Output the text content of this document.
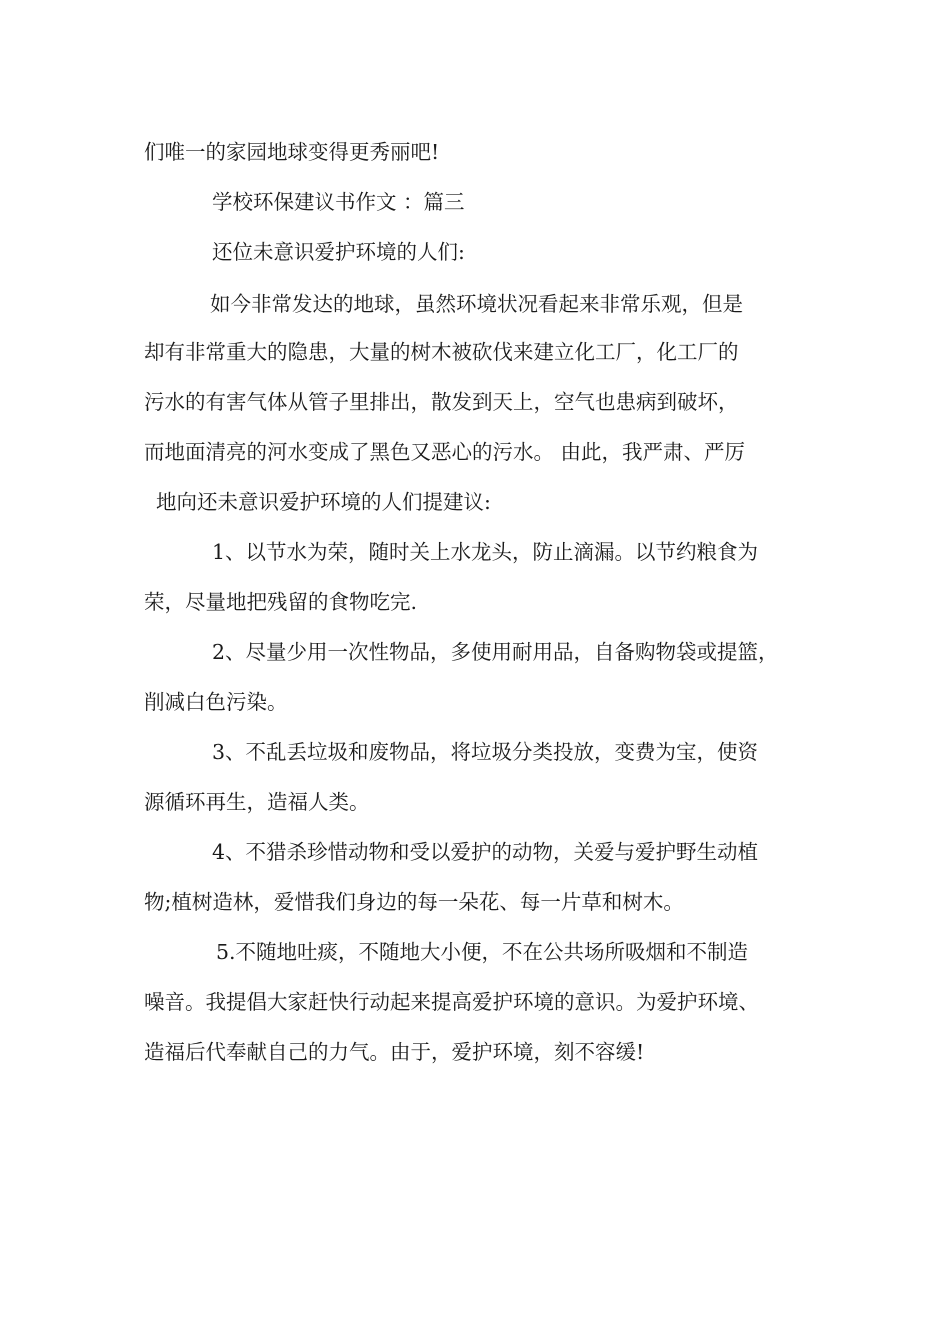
们唯一的家园地球变得更秀丽吧!
学校环保建议书作文 ：篇三
还位未意识爱护环境的人们:
如今非常发达的地球，虽然环境状况看起来非常乐观，但是
却有非常重大的隐患，大量的树木被砍伐来建立化工厂，化工厂的
污水的有害气体从管子里排出，散发到天上，空气也患病到破坏，
而地面清亮的河水变成了黑色又恶心的污水。 由此，我严肃、严厉
地向还未意识爱护环境的人们提建议:
1、以节水为荣，随时关上水龙头，防止滴漏。以节约粮食为
荣，尽量地把残留的食物吃完.
2、尽量少用一次性物品，多使用耐用品，自备购物袋或提篮，
削减白色污染。
3、不乱丢垃圾和废物品，将垃圾分类投放，变费为宝，使资
源循环再生，造福人类。
4、不猎杀珍惜动物和受以爱护的动物，关爱与爱护野生动植
物;植树造林，爱惜我们身边的每一朵花、每一片草和树木。
5.不随地吐痰，不随地大小便，不在公共场所吸烟和不制造
噪音。我提倡大家赶快行动起来提高爱护环境的意识。为爱护环境、
造福后代奉献自己的力气。由于，爱护环境，刻不容缓!
